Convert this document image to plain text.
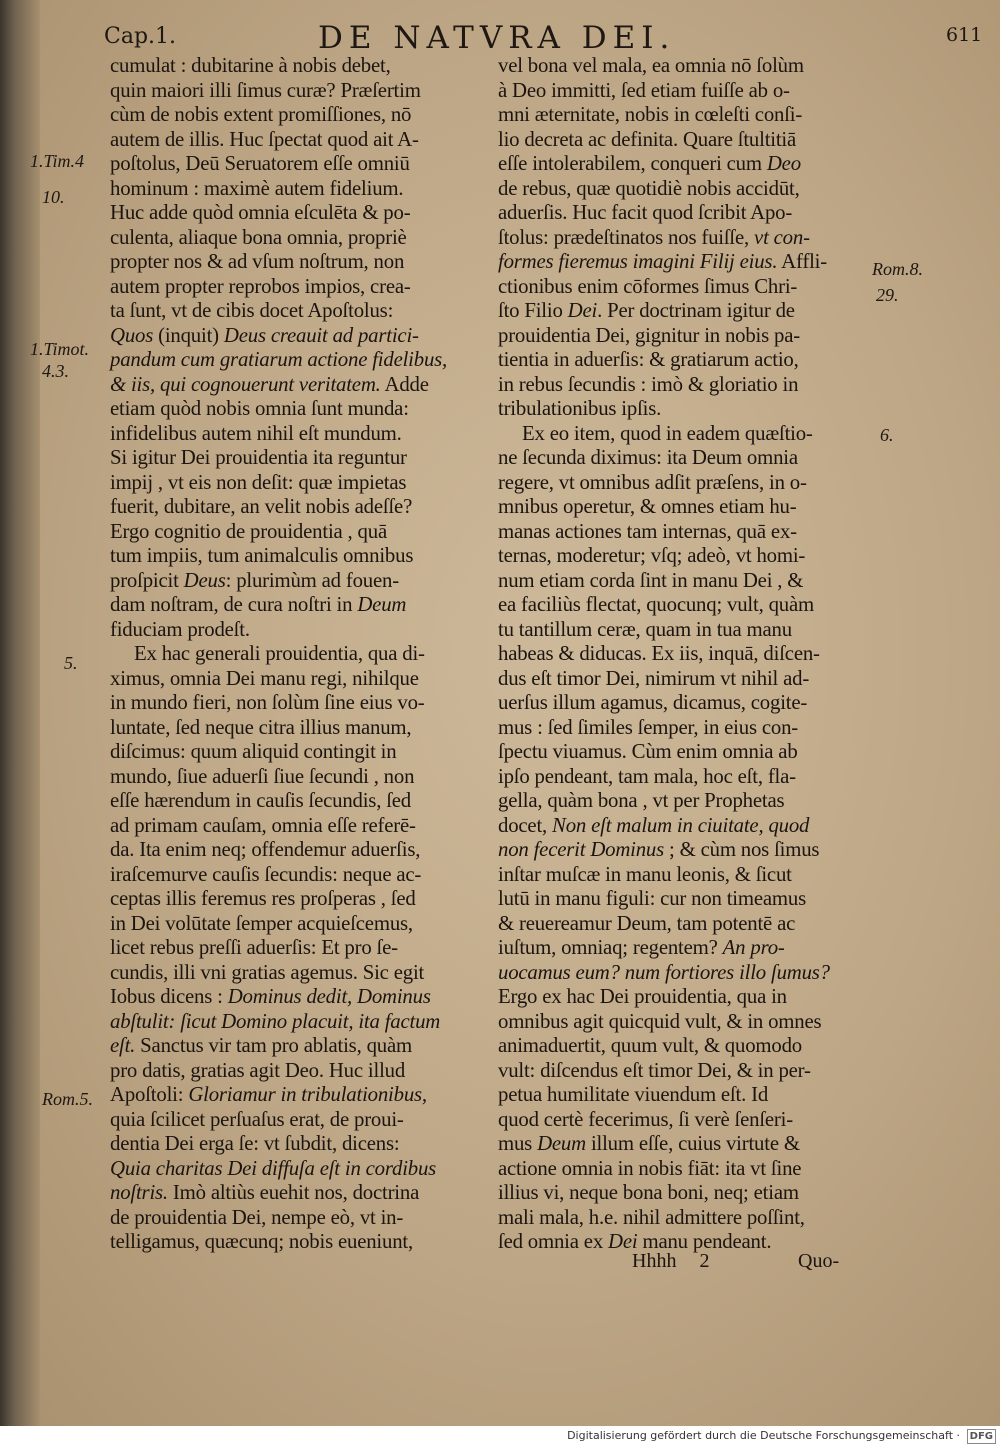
Cap.1.	DE NATVRA DEI.	611
cumulat : dubitarine à nobis debet,
quin maiori illi ſimus curæ? Præſertim
cùm de nobis extent promiſſiones, nō
autem de illis. Huc ſpectat quod ait A-
poſtolus, Deū Seruatorem eſſe omniū
hominum : maximè autem fidelium.
Huc adde quòd omnia eſculēta & po-
culenta, aliaque bona omnia, propriè
propter nos & ad vſum noſtrum, non
autem propter reprobos impios, crea-
ta ſunt, vt de cibis docet Apoſtolus:
Quos (inquit) Deus creauit ad partici-
pandum cum gratiarum actione fidelibus,
& iis, qui cognouerunt veritatem. Adde
etiam quòd nobis omnia ſunt munda:
infidelibus autem nihil eſt mundum.
Si igitur Dei prouidentia ita reguntur
impij , vt eis non deſit: quæ impietas
fuerit, dubitare, an velit nobis adeſſe?
Ergo cognitio de prouidentia , quā
tum impiis, tum animalculis omnibus
proſpicit Deus: plurimùm ad fouen-
dam noſtram, de cura noſtri in Deum
fiduciam prodeſt.
Ex hac generali prouidentia, qua di-
ximus, omnia Dei manu regi, nihilque
in mundo fieri, non ſolùm ſine eius vo-
luntate, ſed neque citra illius manum,
diſcimus: quum aliquid contingit in
mundo, ſiue aduerſi ſiue ſecundi , non
eſſe hærendum in cauſis ſecundis, ſed
ad primam cauſam, omnia eſſe referē-
da. Ita enim neq; offendemur aduerſis,
iraſcemurve cauſis ſecundis: neque ac-
ceptas illis feremus res proſperas , ſed
in Dei volūtate ſemper acquieſcemus,
licet rebus preſſi aduerſis: Et pro ſe-
cundis, illi vni gratias agemus. Sic egit
Iobus dicens : Dominus dedit, Dominus
abſtulit: ſicut Domino placuit, ita factum
eſt. Sanctus vir tam pro ablatis, quàm
pro datis, gratias agit Deo. Huc illud
Apoſtoli: Gloriamur in tribulationibus,
quia ſcilicet perſuaſus erat, de proui-
dentia Dei erga ſe: vt ſubdit, dicens:
Quia charitas Dei diffuſa eſt in cordibus
noſtris. Imò altiùs euehit nos, doctrina
de prouidentia Dei, nempe eò, vt in-
telligamus, quæcunq; nobis eueniunt,
vel bona vel mala, ea omnia nō ſolùm
à Deo immitti, ſed etiam fuiſſe ab o-
mni æternitate, nobis in cœleſti conſi-
lio decreta ac definita. Quare ſtultitiā
eſſe intolerabilem, conqueri cum Deo
de rebus, quæ quotidiè nobis accidūt,
aduerſis. Huc facit quod ſcribit Apo-
ſtolus: prædeſtinatos nos fuiſſe, vt con-
formes fieremus imagini Filij eius. Affli-
ctionibus enim cōformes ſimus Chri-
ſto Filio Dei. Per doctrinam igitur de
prouidentia Dei, gignitur in nobis pa-
tientia in aduerſis: & gratiarum actio,
in rebus ſecundis : imò & gloriatio in
tribulationibus ipſis.
Ex eo item, quod in eadem quæſtio-
ne ſecunda diximus: ita Deum omnia
regere, vt omnibus adſit præſens, in o-
mnibus operetur, & omnes etiam hu-
manas actiones tam internas, quā ex-
ternas, moderetur; vſq; adeò, vt homi-
num etiam corda ſint in manu Dei , &
ea faciliùs flectat, quocunq; vult, quàm
tu tantillum ceræ, quam in tua manu
habeas & diducas. Ex iis, inquā, diſcen-
dus eſt timor Dei, nimirum vt nihil ad-
uerſus illum agamus, dicamus, cogite-
mus : ſed ſimiles ſemper, in eius con-
ſpectu viuamus. Cùm enim omnia ab
ipſo pendeant, tam mala, hoc eſt, fla-
gella, quàm bona , vt per Prophetas
docet, Non eſt malum in ciuitate, quod
non fecerit Dominus ; & cùm nos ſimus
inſtar muſcæ in manu leonis, & ſicut
lutū in manu figuli: cur non timeamus
& reuereamur Deum, tam potentē ac
iuſtum, omniaq; regentem? An pro-
uocamus eum? num fortiores illo ſumus?
Ergo ex hac Dei prouidentia, qua in
omnibus agit quicquid vult, & in omnes
animaduertit, quum vult, & quomodo
vult: diſcendus eſt timor Dei, & in per-
petua humilitate viuendum eſt. Id
quod certè fecerimus, ſi verè ſenſeri-
mus Deum illum eſſe, cuius virtute &
actione omnia in nobis fiāt: ita vt ſine
illius vi, neque bona boni, neq; etiam
mali mala, h.e. nihil admittere poſſint,
ſed omnia ex Dei manu pendeant.
1.Tim.4
10.
1.Timot.
4.3.
5.
Rom.5.
Rom.8.
29.
6.
Hhhh 2	Quo-
Digitalisierung gefördert durch die Deutsche Forschungsgemeinschaft · DFG
